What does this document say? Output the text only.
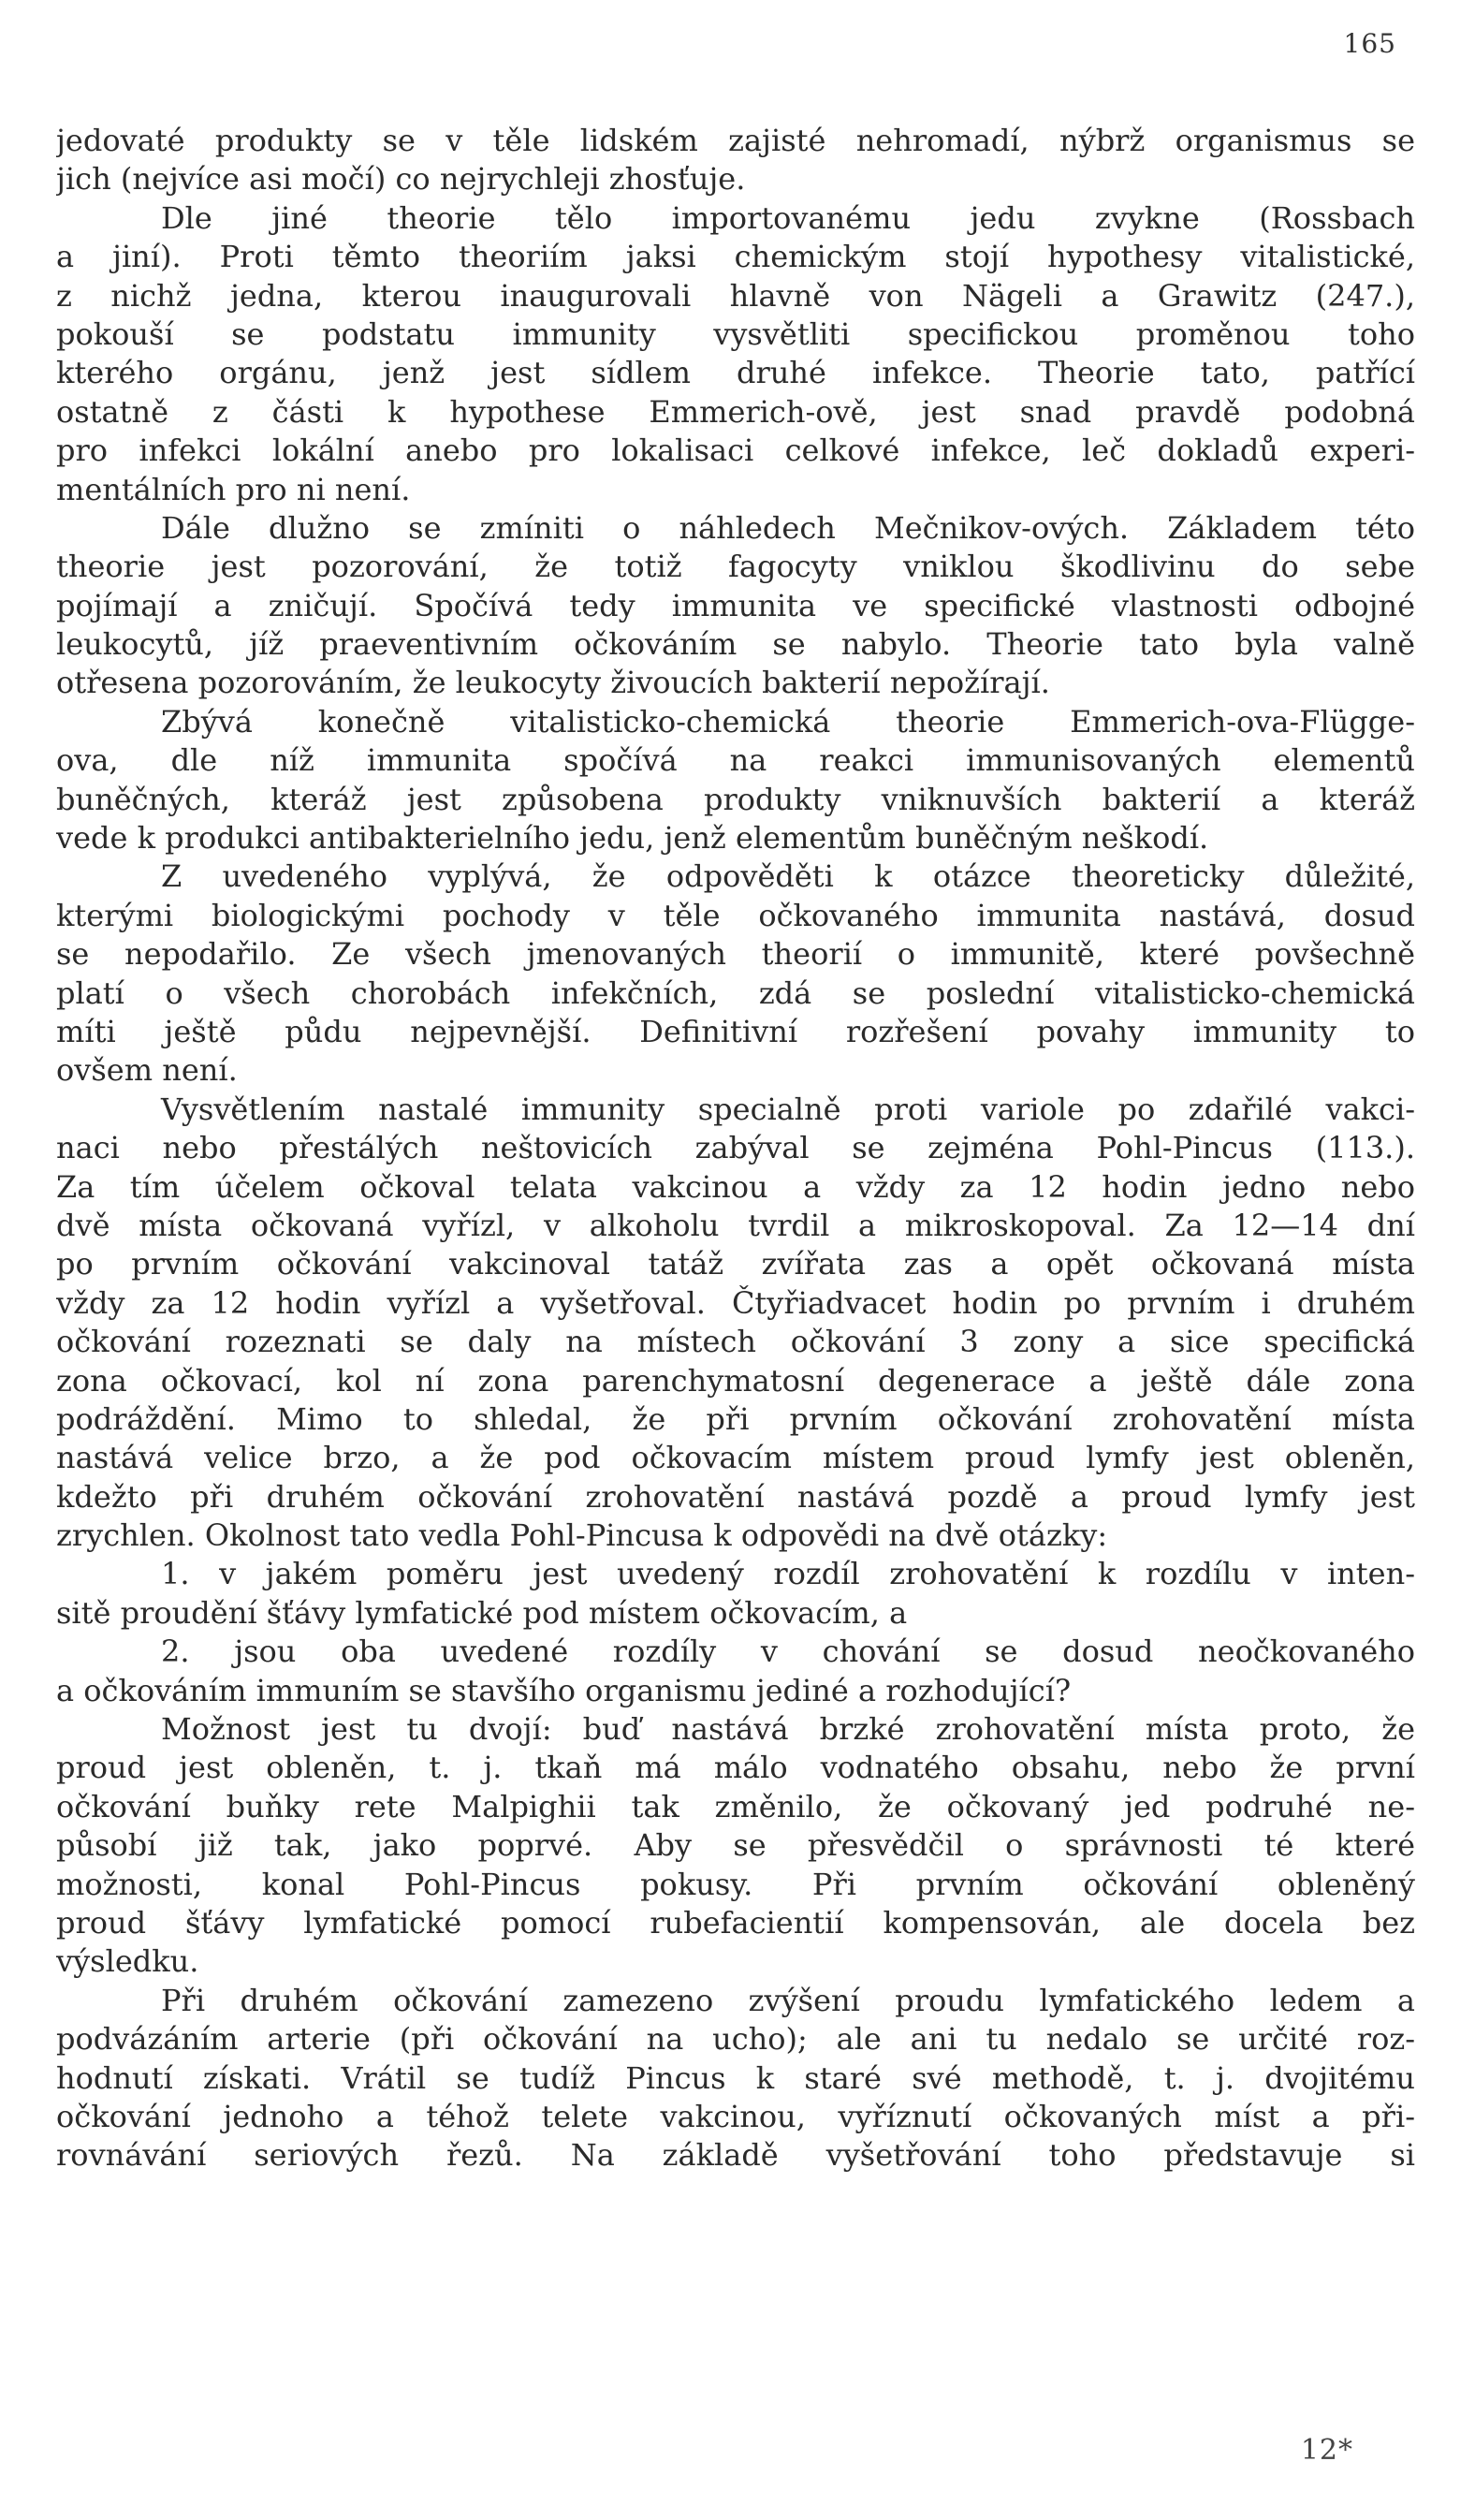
165
jedovaté produkty se v těle lidském zajisté nehromadí, nýbrž organismus se
jich (nejvíce asi močí) co nejrychleji zhosťuje.
Dle jiné theorie tělo importovanému jedu zvykne (Rossbach
a jiní). Proti těmto theoriím jaksi chemickým stojí hypothesy vitalistické,
z nichž jedna, kterou inaugurovali hlavně von Nägeli a Grawitz (247.),
pokouší se podstatu immunity vysvětliti specifickou proměnou toho
kterého orgánu, jenž jest sídlem druhé infekce. Theorie tato, patřící
ostatně z části k hypothese Emmerich-ově, jest snad pravdě podobná
pro infekci lokální anebo pro lokalisaci celkové infekce, leč dokladů experi-
mentálních pro ni není.
Dále dlužno se zmíniti o náhledech Mečnikov-ových. Základem této
theorie jest pozorování, že totiž fagocyty vniklou škodlivinu do sebe
pojímají a zničují. Spočívá tedy immunita ve specifické vlastnosti odbojné
leukocytů, jíž praeventivním očkováním se nabylo. Theorie tato byla valně
otřesena pozorováním, že leukocyty živoucích bakterií nepožírají.
Zbývá konečně vitalisticko-chemická theorie Emmerich-ova-Flügge-
ova, dle níž immunita spočívá na reakci immunisovaných elementů
buněčných, kteráž jest způsobena produkty vniknuvších bakterií a kteráž
vede k produkci antibakterielního jedu, jenž elementům buněčným neškodí.
Z uvedeného vyplývá, že odpověděti k otázce theoreticky důležité,
kterými biologickými pochody v těle očkovaného immunita nastává, dosud
se nepodařilo. Ze všech jmenovaných theorií o immunitě, které povšechně
platí o všech chorobách infekčních, zdá se poslední vitalisticko-chemická
míti ještě půdu nejpevnější. Definitivní rozřešení povahy immunity to
ovšem není.
Vysvětlením nastalé immunity specialně proti variole po zdařilé vakci-
naci nebo přestálých neštovicích zabýval se zejména Pohl-Pincus (113.).
Za tím účelem očkoval telata vakcinou a vždy za 12 hodin jedno nebo
dvě místa očkovaná vyřízl, v alkoholu tvrdil a mikroskopoval. Za 12—14 dní
po prvním očkování vakcinoval tatáž zvířata zas a opět očkovaná místa
vždy za 12 hodin vyřízl a vyšetřoval. Čtyřiadvacet hodin po prvním i druhém
očkování rozeznati se daly na místech očkování 3 zony a sice specifická
zona očkovací, kol ní zona parenchymatosní degenerace a ještě dále zona
podráždění. Mimo to shledal, že při prvním očkování zrohovatění místa
nastává velice brzo, a že pod očkovacím místem proud lymfy jest obleněn,
kdežto při druhém očkování zrohovatění nastává pozdě a proud lymfy jest
zrychlen. Okolnost tato vedla Pohl-Pincusa k odpovědi na dvě otázky:
1. v jakém poměru jest uvedený rozdíl zrohovatění k rozdílu v inten-
sitě proudění šťávy lymfatické pod místem očkovacím, a
2. jsou oba uvedené rozdíly v chování se dosud neočkovaného
a očkováním immuním se stavšího organismu jediné a rozhodující?
Možnost jest tu dvojí: buď nastává brzké zrohovatění místa proto, že
proud jest obleněn, t. j. tkaň má málo vodnatého obsahu, nebo že první
očkování buňky rete Malpighii tak změnilo, že očkovaný jed podruhé ne-
působí již tak, jako poprvé. Aby se přesvědčil o správnosti té které
možnosti, konal Pohl-Pincus pokusy. Při prvním očkování obleněný
proud šťávy lymfatické pomocí rubefacientií kompensován, ale docela bez
výsledku.
Při druhém očkování zamezeno zvýšení proudu lymfatického ledem a
podvázáním arterie (při očkování na ucho); ale ani tu nedalo se určité roz-
hodnutí získati. Vrátil se tudíž Pincus k staré své methodě, t. j. dvojitému
očkování jednoho a téhož telete vakcinou, vyříznutí očkovaných míst a při-
rovnávání seriových řezů. Na základě vyšetřování toho představuje si
12*
